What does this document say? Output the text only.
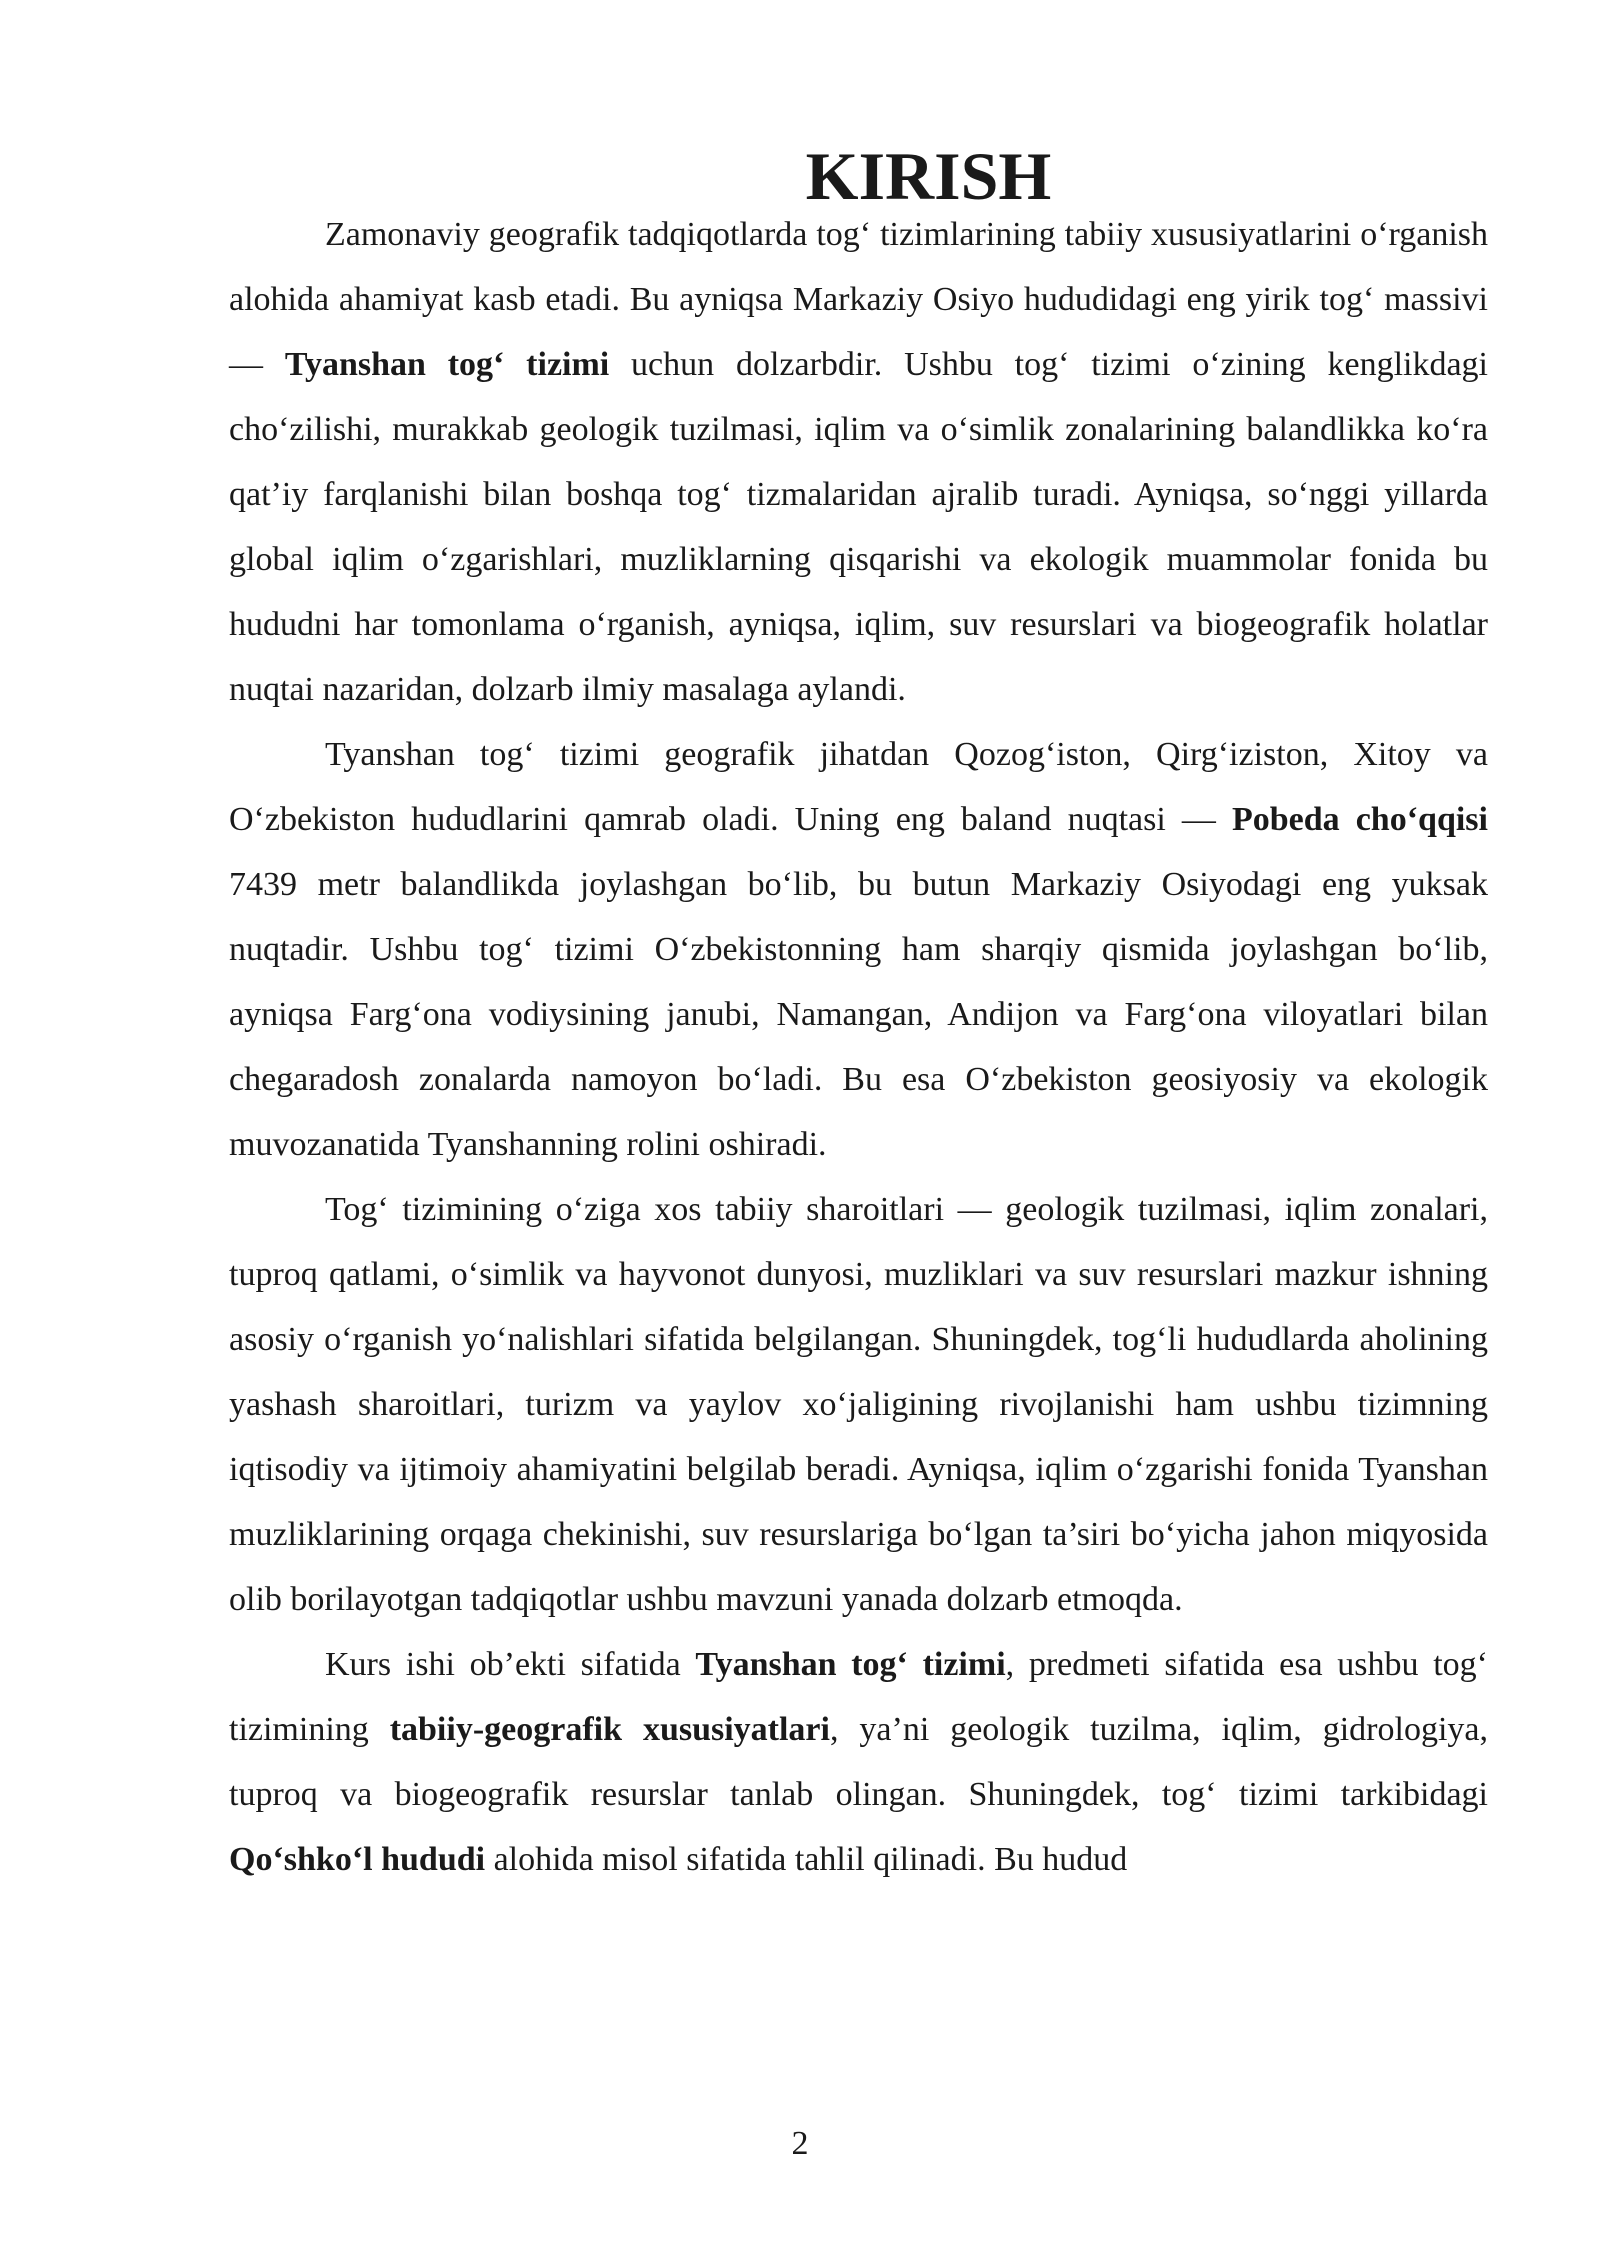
KIRISH

Zamonaviy geografik tadqiqotlarda tog‘ tizimlarining tabiiy xususiyatlarini o‘rganish alohida ahamiyat kasb etadi. Bu ayniqsa Markaziy Osiyo hududidagi eng yirik tog‘ massivi — Tyanshan tog‘ tizimi uchun dolzarbdir. Ushbu tog‘ tizimi o‘zining kenglikdagi cho‘zilishi, murakkab geologik tuzilmasi, iqlim va o‘simlik zonalarining balandlikka ko‘ra qat’iy farqlanishi bilan boshqa tog‘ tizmalaridan ajralib turadi. Ayniqsa, so‘nggi yillarda global iqlim o‘zgarishlari, muzliklarning qisqarishi va ekologik muammolar fonida bu hududni har tomonlama o‘rganish, ayniqsa, iqlim, suv resurslari va biogeografik holatlar nuqtai nazaridan, dolzarb ilmiy masalaga aylandi.

Tyanshan tog‘ tizimi geografik jihatdan Qozog‘iston, Qirg‘iziston, Xitoy va O‘zbekiston hududlarini qamrab oladi. Uning eng baland nuqtasi — Pobeda cho‘qqisi 7439 metr balandlikda joylashgan bo‘lib, bu butun Markaziy Osiyodagi eng yuksak nuqtadir. Ushbu tog‘ tizimi O‘zbekistonning ham sharqiy qismida joylashgan bo‘lib, ayniqsa Farg‘ona vodiysining janubi, Namangan, Andijon va Farg‘ona viloyatlari bilan chegaradosh zonalarda namoyon bo‘ladi. Bu esa O‘zbekiston geosiyosiy va ekologik muvozanatida Tyanshanning rolini oshiradi.

Tog‘ tizimining o‘ziga xos tabiiy sharoitlari — geologik tuzilmasi, iqlim zonalari, tuproq qatlami, o‘simlik va hayvonot dunyosi, muzliklari va suv resurslari mazkur ishning asosiy o‘rganish yo‘nalishlari sifatida belgilangan. Shuningdek, tog‘li hududlarda aholining yashash sharoitlari, turizm va yaylov xo‘jaligining rivojlanishi ham ushbu tizimning iqtisodiy va ijtimoiy ahamiyatini belgilab beradi. Ayniqsa, iqlim o‘zgarishi fonida Tyanshan muzliklarining orqaga chekinishi, suv resurslariga bo‘lgan ta’siri bo‘yicha jahon miqyosida olib borilayotgan tadqiqotlar ushbu mavzuni yanada dolzarb etmoqda.

Kurs ishi ob’ekti sifatida Tyanshan tog‘ tizimi, predmeti sifatida esa ushbu tog‘ tizimining tabiiy-geografik xususiyatlari, ya’ni geologik tuzilma, iqlim, gidrologiya, tuproq va biogeografik resurslar tanlab olingan. Shuningdek, tog‘ tizimi tarkibidagi Qo‘shko‘l hududi alohida misol sifatida tahlil qilinadi. Bu hudud

2
